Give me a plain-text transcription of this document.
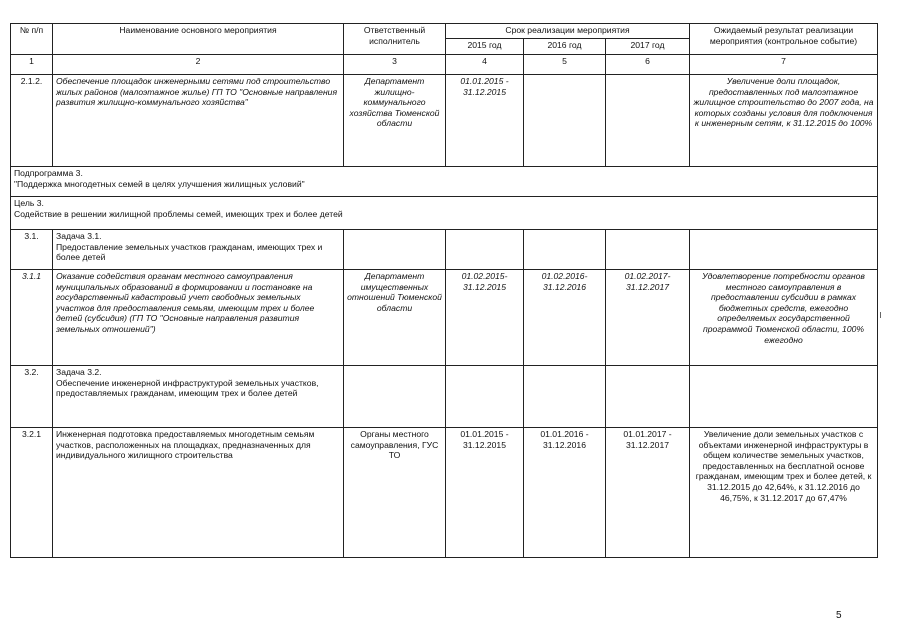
№ п/п	Наименование основного мероприятия	Ответственный исполнитель	Срок реализации мероприятия			Ожидаемый результат реализации мероприятия (контрольное событие)
			2015 год	2016 год	2017 год	
1	2	3	4	5	6	7
2.1.2.	Обеспечение площадок инженерными сетями под строительство жилых районов (малоэтажное жилье) ГП ТО "Основные направления развития жилищно-коммунального хозяйства"	Департамент жилищно-коммунального хозяйства Тюменской области	01.01.2015 - 31.12.2015			Увеличение доли площадок, предоставленных под малоэтажное жилищное строительство до 2007 года, на которых созданы условия для подключения к инженерным сетям, к 31.12.2015 до 100%

Подпрограмма 3.
"Поддержка многодетных семей в целях улучшения жилищных условий"						

Цель 3.
Содействие в решении жилищной проблемы семей, имеющих трех и более детей						

3.1.	Задача 3.1.
Предоставление земельных участков гражданам, имеющих трех и более детей					

3.1.1	Оказание содействия органам местного самоуправления муниципальных образований в формировании и постановке на государственный кадастровый учет свободных земельных участков для предоставления семьям, имеющим трех и более детей (субсидия) (ГП ТО "Основные направления развития земельных отношений")	Департамент имущественных отношений Тюменской области	01.02.2015- 31.12.2015	01.02.2016- 31.12.2016	01.02.2017- 31.12.2017	Удовлетворение потребности органов местного самоуправления в предоставлении субсидии в рамках бюджетных средств, ежегодно определяемых государственной программой Тюменской области, 100% ежегодно
3.2.	Задача 3.2.
Обеспечение инженерной инфраструктурой земельных участков, предоставляемых гражданам, имеющим трех и более детей					

3.2.1	Инженерная подготовка предоставляемых многодетным семьям участков, расположенных на площадках, предназначенных для индивидуального жилищного строительства	Органы местного самоуправления, ГУС ТО	01.01.2015 - 31.12.2015	01.01.2016 - 31.12.2016	01.01.2017 - 31.12.2017	Увеличение доли земельных участков с объектами инженерной инфраструктуры в общем количестве земельных участков, предоставленных на бесплатной основе гражданам, имеющим трех и более детей, к 31.12.2015 до 42,64%, к 31.12.2016 до 46,75%, к 31.12.2017 до 67,47%
5
